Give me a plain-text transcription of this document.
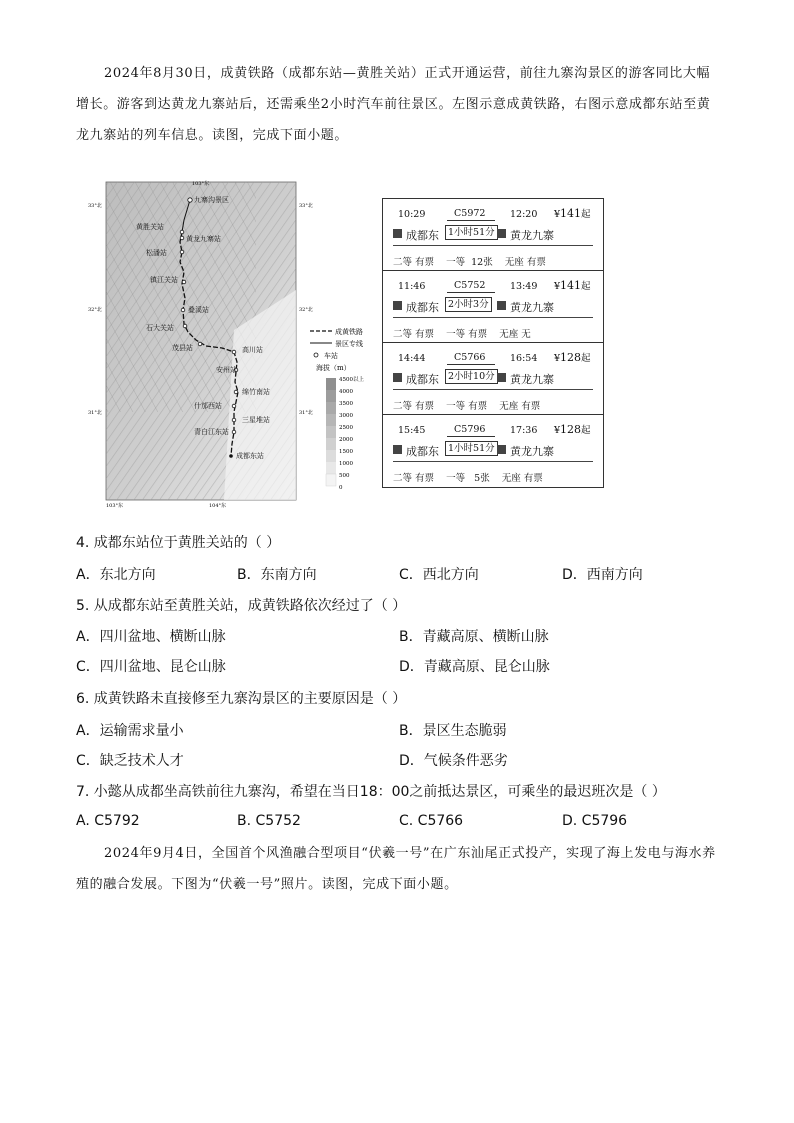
2024年8月30日，成黄铁路（成都东站—黄胜关站）正式开通运营，前往九寨沟景区的游客同比大幅增长。游客到达黄龙九寨站后，还需乘坐2小时汽车前往景区。左图示意成黄铁路，右图示意成都东站至黄龙九寨站的列车信息。读图，完成下面小题。
33°北
32°北
31°北
33°北
32°北
31°北
103°东	104°东
103°东
九寨沟景区
黄胜关站
黄龙九寨站
松潘站
镇江关站
叠溪站
石大关站
茂县站	高川站
安州站
绵竹南站
什邡西站
三星堆站
青白江东站
成都东站
成黄铁路
景区专线
车站
海拔（m）
4500以上
4000
3500
3000
2500
2000
1500
1000
500
0
10:29	C5972	12:20 ¥141起
成都东 1小时51分 黄龙九寨
二等 有票    一等  12张    无座 有票
11:46	C5752	13:49 ¥141起
成都东 2小时3分 黄龙九寨
二等 有票    一等 有票    无座 无
14:44	C5766	16:54 ¥128起
成都东 2小时10分 黄龙九寨
二等 有票    一等 有票    无座 有票
15:45	C5796	17:36 ¥128起
成都东 1小时51分 黄龙九寨
二等 有票    一等   5张    无座 有票
4. 成都东站位于黄胜关站的（ ）
A．东北方向	B．东南方向	C．西北方向	D．西南方向
5. 从成都东站至黄胜关站，成黄铁路依次经过了（ ）
A．四川盆地、横断山脉	B．青藏高原、横断山脉
C．四川盆地、昆仑山脉	D．青藏高原、昆仑山脉
6. 成黄铁路未直接修至九寨沟景区的主要原因是（ ）
A．运输需求量小	B．景区生态脆弱
C．缺乏技术人才	D．气候条件恶劣
7. 小懿从成都坐高铁前往九寨沟，希望在当日18：00之前抵达景区，可乘坐的最迟班次是（ ）
A. C5792	B. C5752	C. C5766	D. C5796
2024年9月4日，全国首个风渔融合型项目“伏羲一号”在广东汕尾正式投产，实现了海上发电与海水养殖的融合发展。下图为“伏羲一号”照片。读图，完成下面小题。
